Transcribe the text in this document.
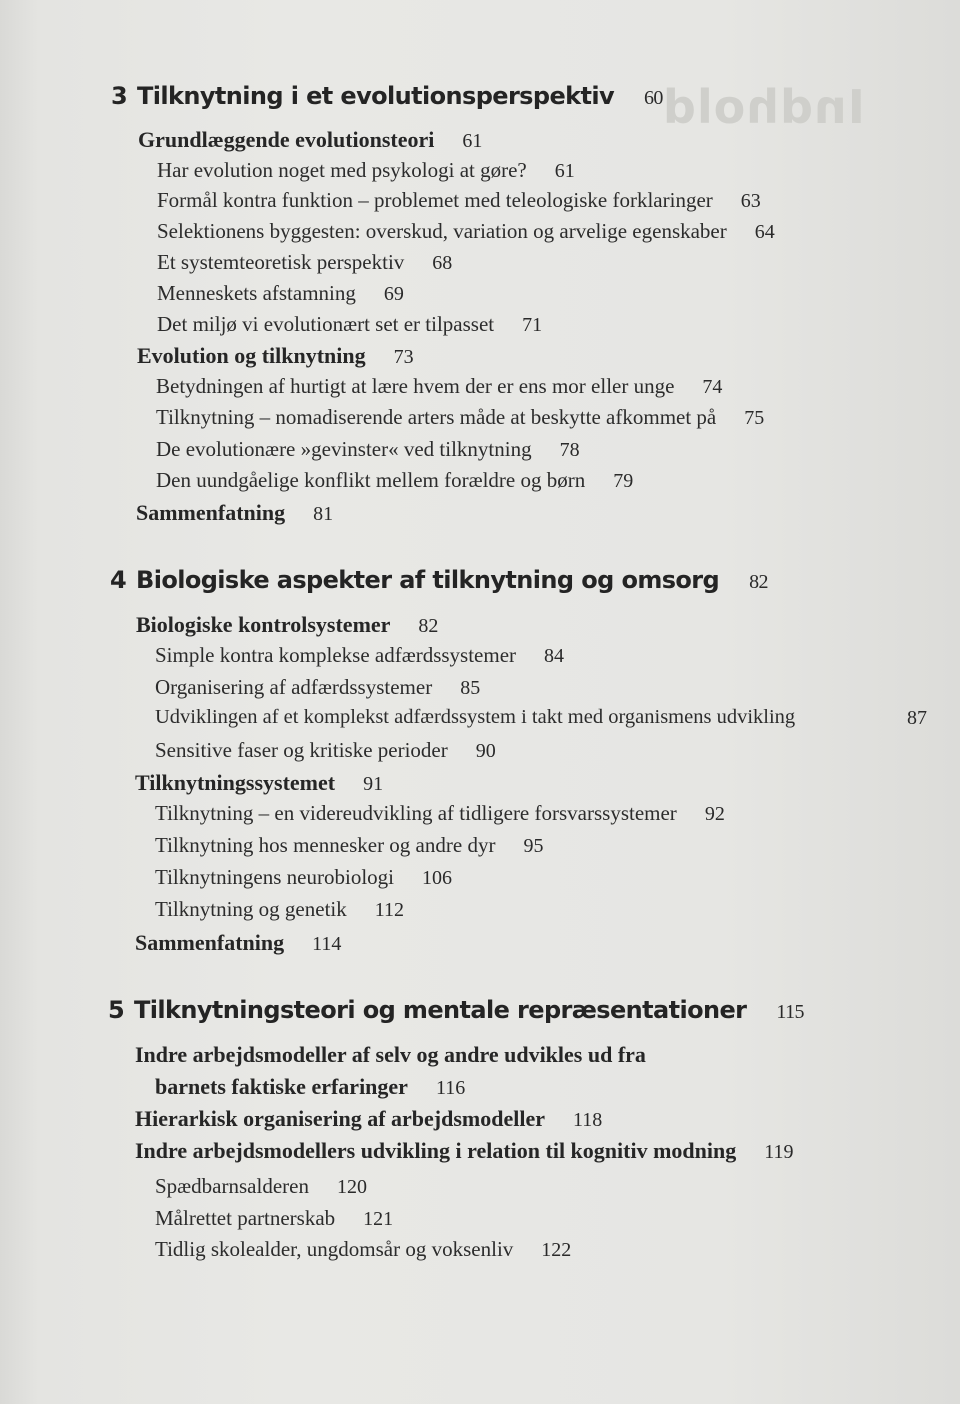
Indhold
3 Tilknytning i et evolutionsperspektiv 60
Grundlæggende evolutionsteori 61
Har evolution noget med psykologi at gøre? 61
Formål kontra funktion – problemet med teleologiske forklaringer 63
Selektionens byggesten: overskud, variation og arvelige egenskaber 64
Et systemteoretisk perspektiv 68
Menneskets afstamning 69
Det miljø vi evolutionært set er tilpasset 71
Evolution og tilknytning 73
Betydningen af hurtigt at lære hvem der er ens mor eller unge 74
Tilknytning – nomadiserende arters måde at beskytte afkommet på 75
De evolutionære »gevinster« ved tilknytning 78
Den uundgåelige konflikt mellem forældre og børn 79
Sammenfatning 81
4 Biologiske aspekter af tilknytning og omsorg 82
Biologiske kontrolsystemer 82
Simple kontra komplekse adfærdssystemer 84
Organisering af adfærdssystemer 85
Udviklingen af et komplekst adfærdssystem i takt med organismens udvikling	87
Sensitive faser og kritiske perioder 90
Tilknytningssystemet 91
Tilknytning – en videreudvikling af tidligere forsvarssystemer 92
Tilknytning hos mennesker og andre dyr 95
Tilknytningens neurobiologi 106
Tilknytning og genetik 112
Sammenfatning 114
5 Tilknytningsteori og mentale repræsentationer 115
Indre arbejdsmodeller af selv og andre udvikles ud fra
barnets faktiske erfaringer 116
Hierarkisk organisering af arbejdsmodeller 118
Indre arbejdsmodellers udvikling i relation til kognitiv modning 119
Spædbarnsalderen 120
Målrettet partnerskab 121
Tidlig skolealder, ungdomsår og voksenliv 122
